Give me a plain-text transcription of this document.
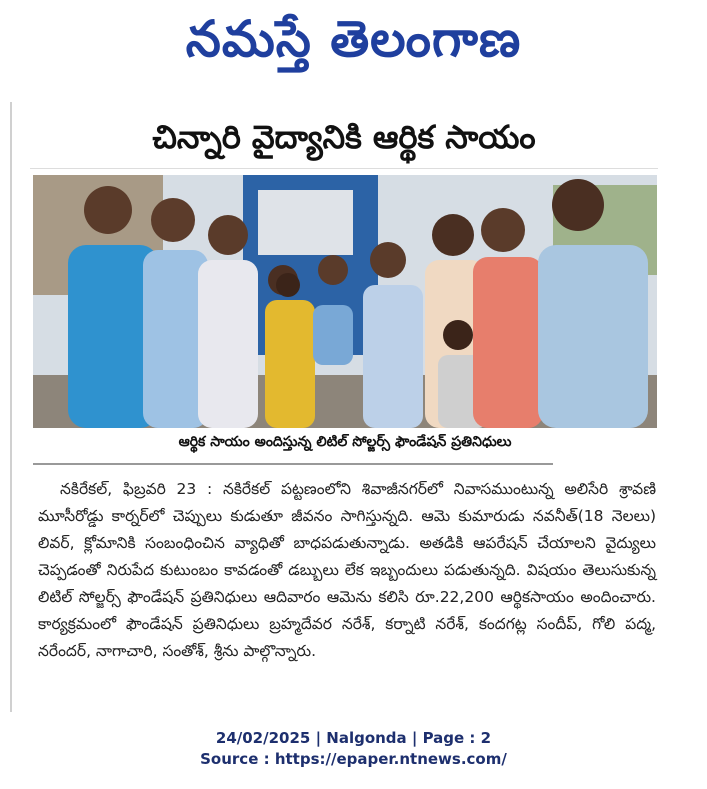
నమస్తే తెలంగాణ
చిన్నారి వైద్యానికి ఆర్థిక సాయం
ఆర్థిక సాయం అందిస్తున్న లిటిల్ సోల్జర్స్ ఫౌండేషన్ ప్రతినిధులు
నకిరేకల్, ఫిబ్రవరి 23 : నకిరేకల్ పట్టణంలోని శివాజీనగర్‌లో నివాసముంటున్న అలిసేరి శ్రావణి మూసీరోడ్డు కార్నర్‌లో చెప్పులు కుడుతూ జీవనం సాగిస్తున్నది. ఆమె కుమారుడు నవనీత్(18 నెలలు) లివర్, క్లోమానికి సంబంధించిన వ్యాధితో బాధపడుతున్నాడు. అతడికి ఆపరేషన్ చేయాలని వైద్యులు చెప్పడంతో నిరుపేద కుటుంబం కావడంతో డబ్బులు లేక ఇబ్బందులు పడుతున్నది. విషయం తెలుసుకున్న లిటిల్ సోల్జర్స్ ఫౌండేషన్ ప్రతినిధులు ఆదివారం ఆమెను కలిసి రూ.22,200 ఆర్థికసాయం అందించారు. కార్యక్రమంలో ఫౌండేషన్ ప్రతినిధులు బ్రహ్మదేవర నరేశ్, కర్నాటి నరేశ్, కందగట్ల సందీప్, గోలి పద్మ, నరేందర్, నాగాచారి, సంతోశ్, శ్రీను పాల్గొన్నారు.
24/02/2025 | Nalgonda | Page : 2
Source : https://epaper.ntnews.com/
